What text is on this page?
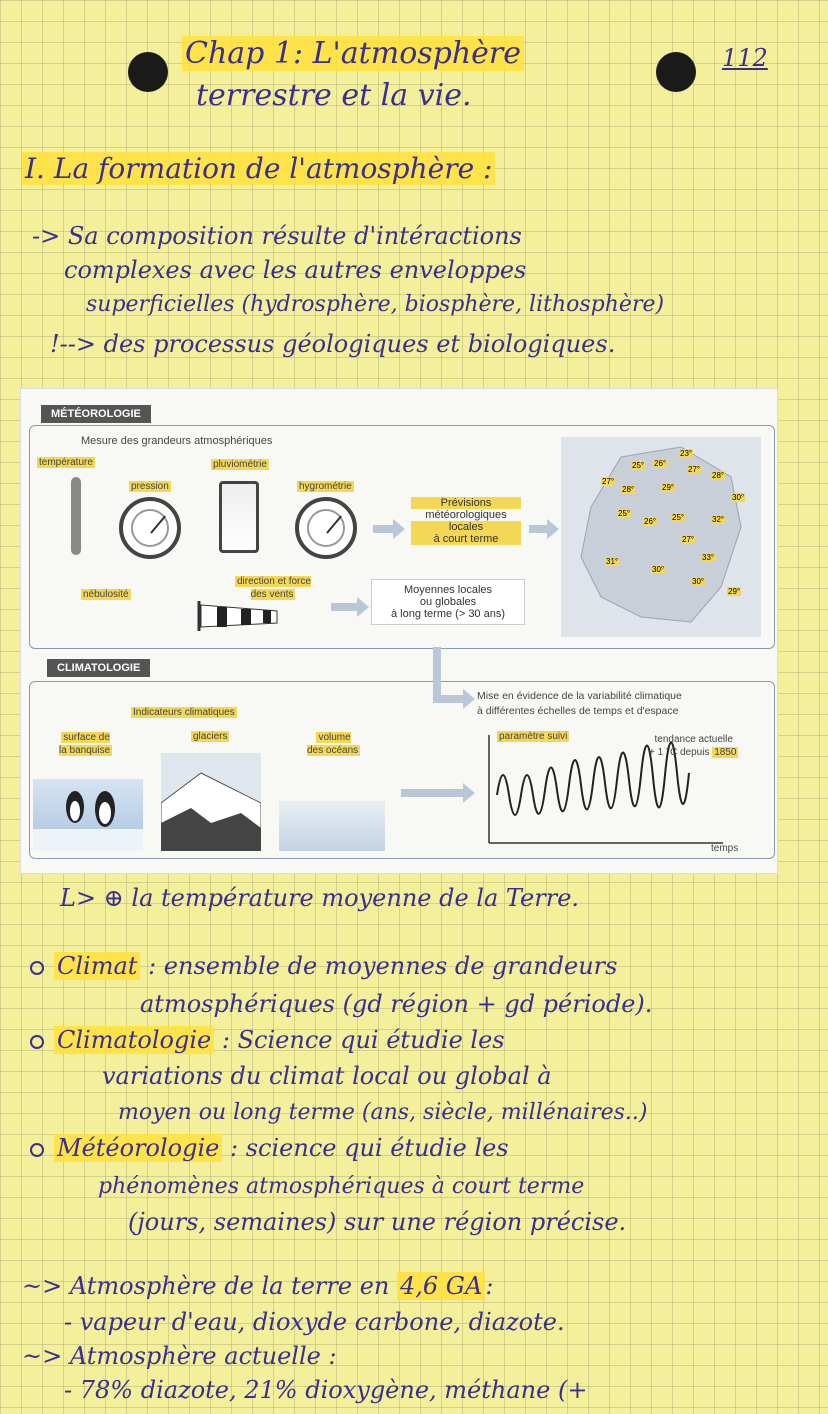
Chap 1: L'atmosphère
terrestre et la vie.
112
I. La formation de l'atmosphère :
-> Sa composition résulte d'intéractions
complexes avec les autres enveloppes
superficielles (hydrosphère, biosphère, lithosphère)
!--> des processus géologiques et biologiques.
MÉTÉOROLOGIE
Mesure des grandeurs atmosphériques
température
pression
pluviométrie
hygrométrie
Prévisions
météorologiques
locales
à court terme
23°
25° 26°
27°
28°
27°
28°	29°
30°
25°
26° 25°	32°
27°
33°
31°
30°
30°
29°
nébulosité
direction et force
des vents	Moyennes locales
ou globales
à long terme (> 30 ans)
CLIMATOLOGIE
Mise en évidence de la variabilité climatique
à différentes échelles de temps et d'espace
Indicateurs climatiques
surface de
la banquise
glaciers	volume
des océans
paramètre suivi	tendance actuelle
+ 1 °C depuis 1850
temps
L> ⊕ la température moyenne de la Terre.
Climat : ensemble de moyennes de grandeurs
atmosphériques (gd région + gd période).
Climatologie : Science qui étudie les
variations du climat local ou global à
moyen ou long terme (ans, siècle, millénaires..)
Météorologie : science qui étudie les
phénomènes atmosphériques à court terme
(jours, semaines) sur une région précise.
~> Atmosphère de la terre en 4,6 GA :
- vapeur d'eau, dioxyde carbone, diazote.
~> Atmosphère actuelle :
- 78% diazote, 21% dioxygène, méthane (+
